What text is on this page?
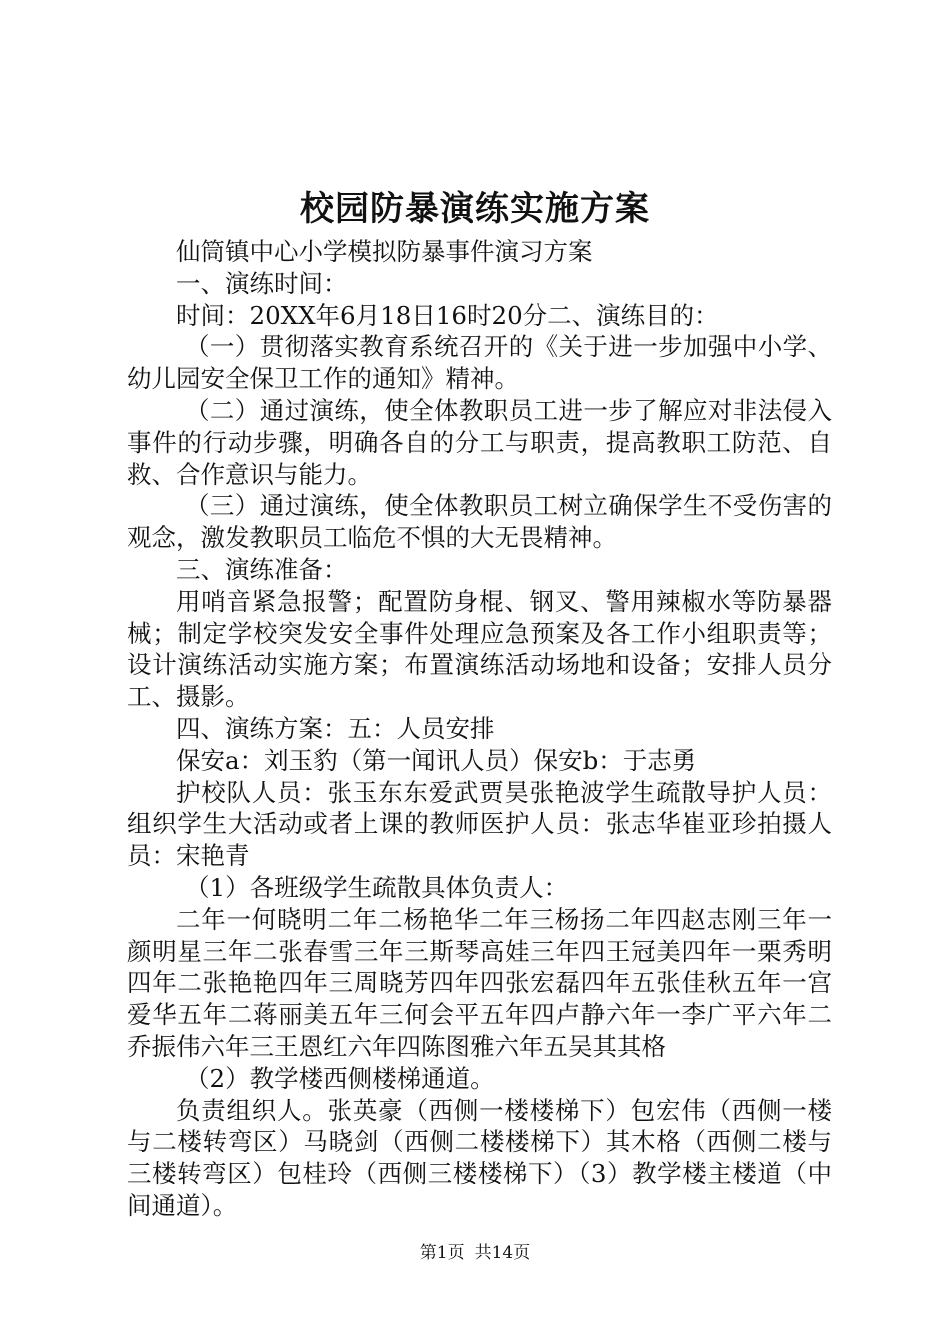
校园防暴演练实施方案

仙筒镇中心小学模拟防暴事件演习方案

一、演练时间：

时间：20XX年6月18日16时20分二、演练目的：

（一）贯彻落实教育系统召开的《关于进一步加强中小学、幼儿园安全保卫工作的通知》精神。

（二）通过演练，使全体教职员工进一步了解应对非法侵入事件的行动步骤，明确各自的分工与职责，提高教职工防范、自救、合作意识与能力。

（三）通过演练，使全体教职员工树立确保学生不受伤害的观念，激发教职员工临危不惧的大无畏精神。

三、演练准备：

用哨音紧急报警；配置防身棍、钢叉、警用辣椒水等防暴器械；制定学校突发安全事件处理应急预案及各工作小组职责等；设计演练活动实施方案；布置演练活动场地和设备；安排人员分工、摄影。

四、演练方案：五：人员安排

保安a：刘玉豹（第一闻讯人员）保安b：于志勇

护校队人员：张玉东东爱武贾昊张艳波学生疏散导护人员：组织学生大活动或者上课的教师医护人员：张志华崔亚珍拍摄人员：宋艳青

（1）各班级学生疏散具体负责人：

二年一何晓明二年二杨艳华二年三杨扬二年四赵志刚三年一颜明星三年二张春雪三年三斯琴高娃三年四王冠美四年一栗秀明四年二张艳艳四年三周晓芳四年四张宏磊四年五张佳秋五年一宫爱华五年二蒋丽美五年三何会平五年四卢静六年一李广平六年二乔振伟六年三王恩红六年四陈图雅六年五吴其其格

（2）教学楼西侧楼梯通道。

负责组织人。张英豪（西侧一楼楼梯下）包宏伟（西侧一楼与二楼转弯区）马晓剑（西侧二楼楼梯下）其木格（西侧二楼与三楼转弯区）包桂玲（西侧三楼楼梯下）（3）教学楼主楼道（中间通道）。

第1页 共14页
